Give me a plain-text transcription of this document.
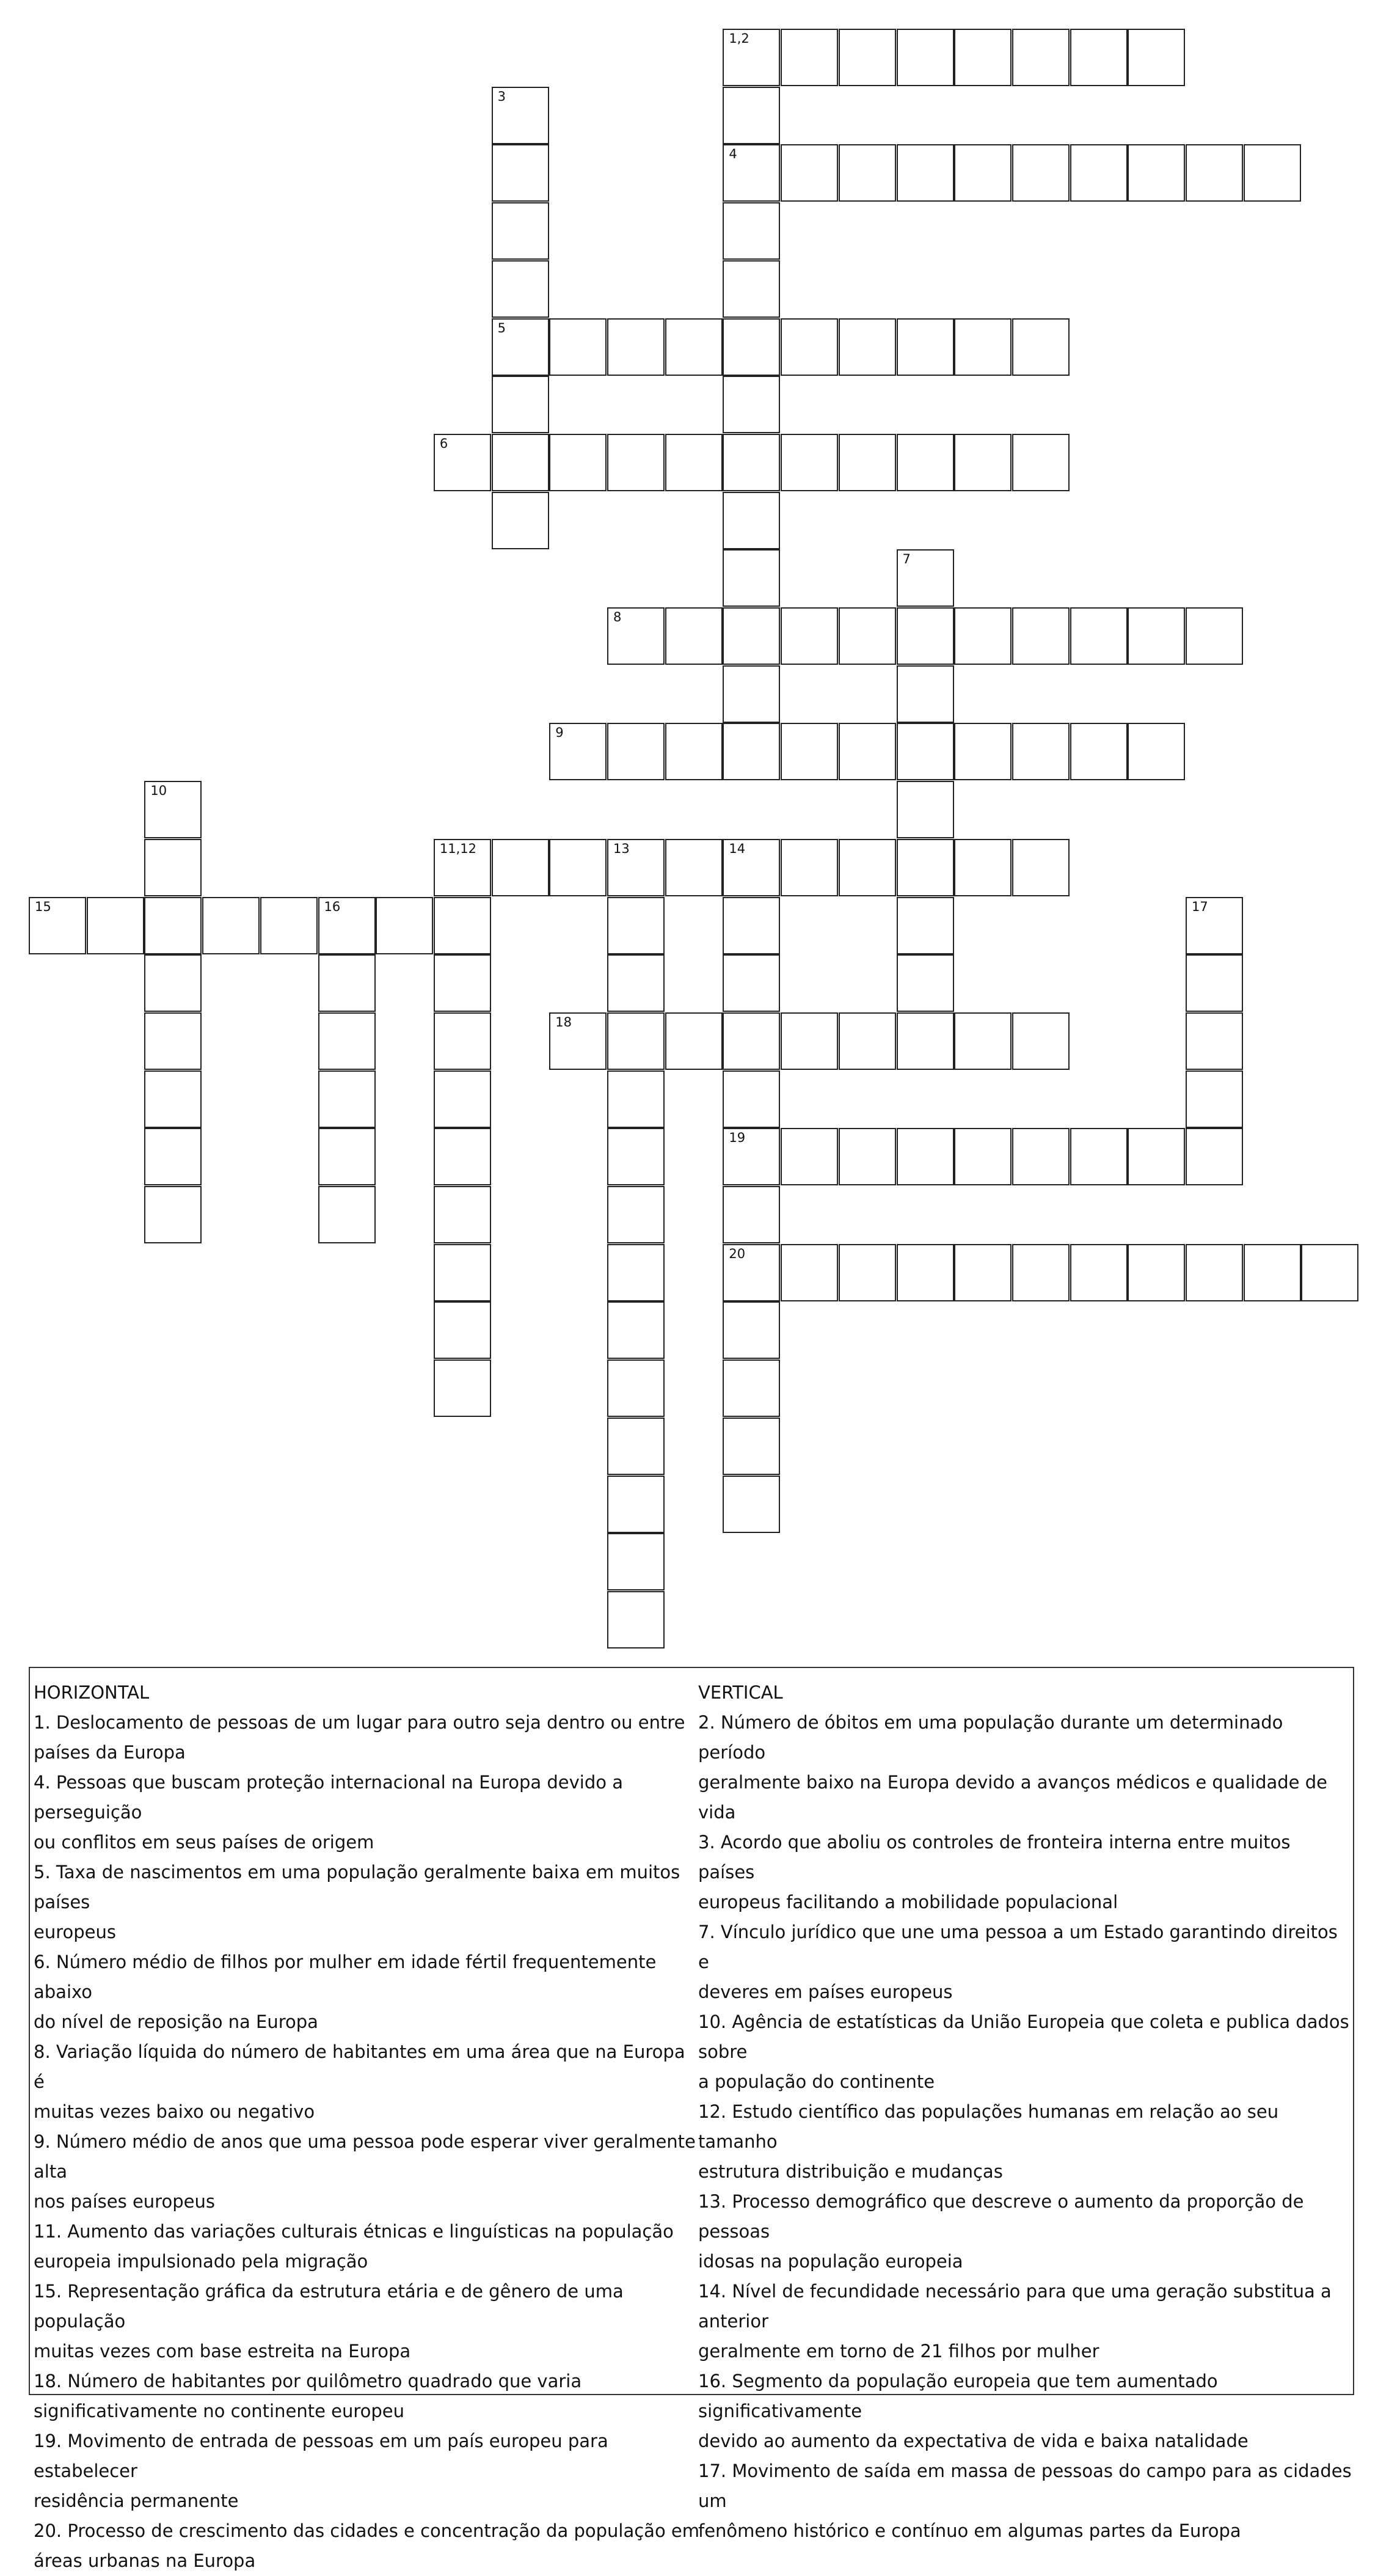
1,2
4
3
5
6
7
8
9
10
11,12	13	14
19
20
15	16	17
18

HORIZONTAL

1. Deslocamento de pessoas de um lugar para outro seja dentro ou entre

países da Europa

4. Pessoas que buscam proteção internacional na Europa devido a perseguição

ou conflitos em seus países de origem

5. Taxa de nascimentos em uma população geralmente baixa em muitos países

europeus

6. Número médio de filhos por mulher em idade fértil frequentemente abaixo

do nível de reposição na Europa

8. Variação líquida do número de habitantes em uma área que na Europa é

muitas vezes baixo ou negativo

9. Número médio de anos que uma pessoa pode esperar viver geralmente alta

nos países europeus

11. Aumento das variações culturais étnicas e linguísticas na população

europeia impulsionado pela migração

15. Representação gráfica da estrutura etária e de gênero de uma população

muitas vezes com base estreita na Europa

18. Número de habitantes por quilômetro quadrado que varia

significativamente no continente europeu

19. Movimento de entrada de pessoas em um país europeu para estabelecer

residência permanente

20. Processo de crescimento das cidades e concentração da população em

áreas urbanas na Europa

VERTICAL

2. Número de óbitos em uma população durante um determinado período

geralmente baixo na Europa devido a avanços médicos e qualidade de vida

3. Acordo que aboliu os controles de fronteira interna entre muitos países

europeus facilitando a mobilidade populacional

7. Vínculo jurídico que une uma pessoa a um Estado garantindo direitos e

deveres em países europeus

10. Agência de estatísticas da União Europeia que coleta e publica dados sobre

a população do continente

12. Estudo científico das populações humanas em relação ao seu tamanho

estrutura distribuição e mudanças

13. Processo demográfico que descreve o aumento da proporção de pessoas

idosas na população europeia

14. Nível de fecundidade necessário para que uma geração substitua a anterior

geralmente em torno de 21 filhos por mulher

16. Segmento da população europeia que tem aumentado significativamente

devido ao aumento da expectativa de vida e baixa natalidade

17. Movimento de saída em massa de pessoas do campo para as cidades um

fenômeno histórico e contínuo em algumas partes da Europa
